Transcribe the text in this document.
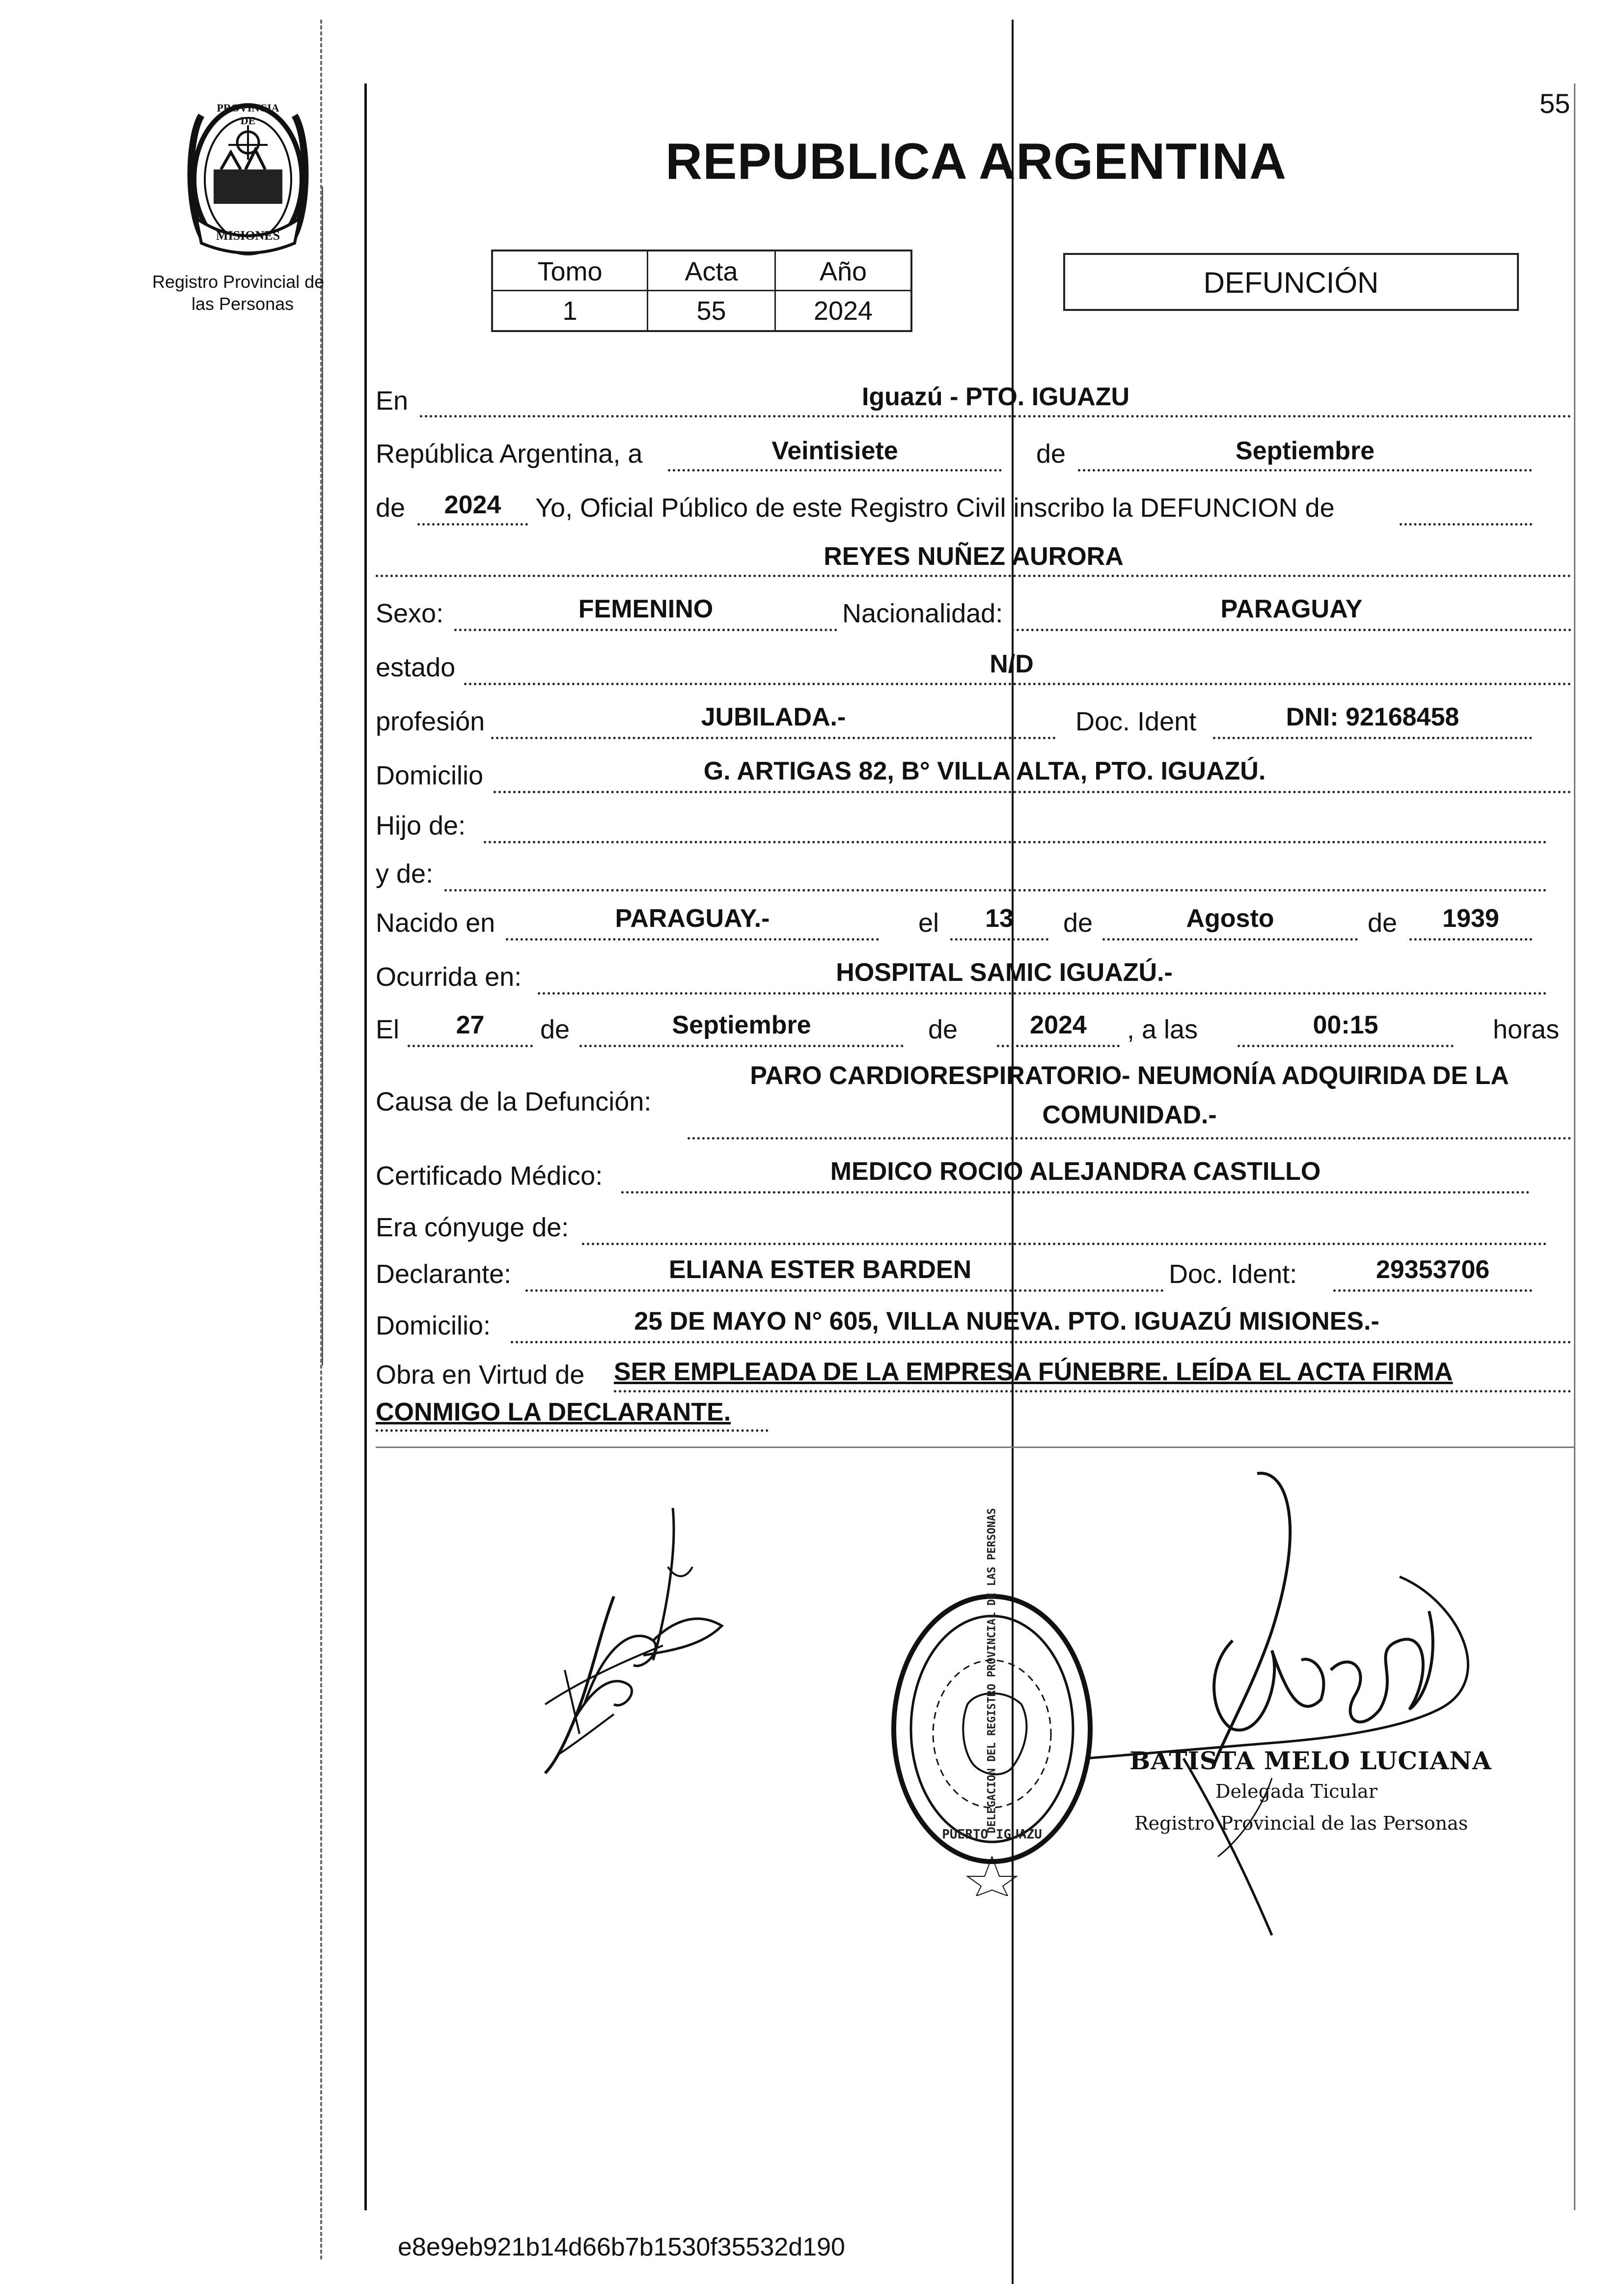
55
PROVINCIA DE
MISIONES
Registro Provincial de
las Personas
REPUBLICA ARGENTINA
Tomo	Acta	Año
1	55	2024
DEFUNCIÓN
En	Iguazú - PTO. IGUAZU
República Argentina, a	Veintisiete	de	Septiembre
de	2024	Yo, Oficial Público de este Registro Civil inscribo la DEFUNCION de
REYES NUÑEZ AURORA
Sexo:	FEMENINO	Nacionalidad:	PARAGUAY
estado	N/D
profesión	JUBILADA.-	Doc. Ident	DNI: 92168458
Domicilio	G. ARTIGAS 82, B° VILLA ALTA, PTO. IGUAZÚ.
Hijo de:
y de:
Nacido en	PARAGUAY.-	el	13	de	Agosto	de	1939
Ocurrida en:	HOSPITAL SAMIC IGUAZÚ.-
El	27	de	Septiembre	de	2024	, a las	00:15	horas
Causa de la Defunción:
PARO CARDIORESPIRATORIO- NEUMONÍA ADQUIRIDA DE LA
COMUNIDAD.-
Certificado Médico:	MEDICO ROCIO ALEJANDRA CASTILLO
Era cónyuge de:
Declarante:	ELIANA ESTER BARDEN	Doc. Ident:	29353706
Domicilio:	25 DE MAYO N° 605, VILLA NUEVA. PTO. IGUAZÚ MISIONES.-
Obra en Virtud de SER EMPLEADA DE LA EMPRESA FÚNEBRE. LEÍDA EL ACTA FIRMA
CONMIGO LA DECLARANTE.
DELEGACION DEL REGISTRO PROVINCIAL DE LAS PERSONAS
PUERTO IGUAZU
BATISTA MELO LUCIANA
Delegada Ticular
Registro Provincial de las Personas
e8e9eb921b14d66b7b1530f35532d190
